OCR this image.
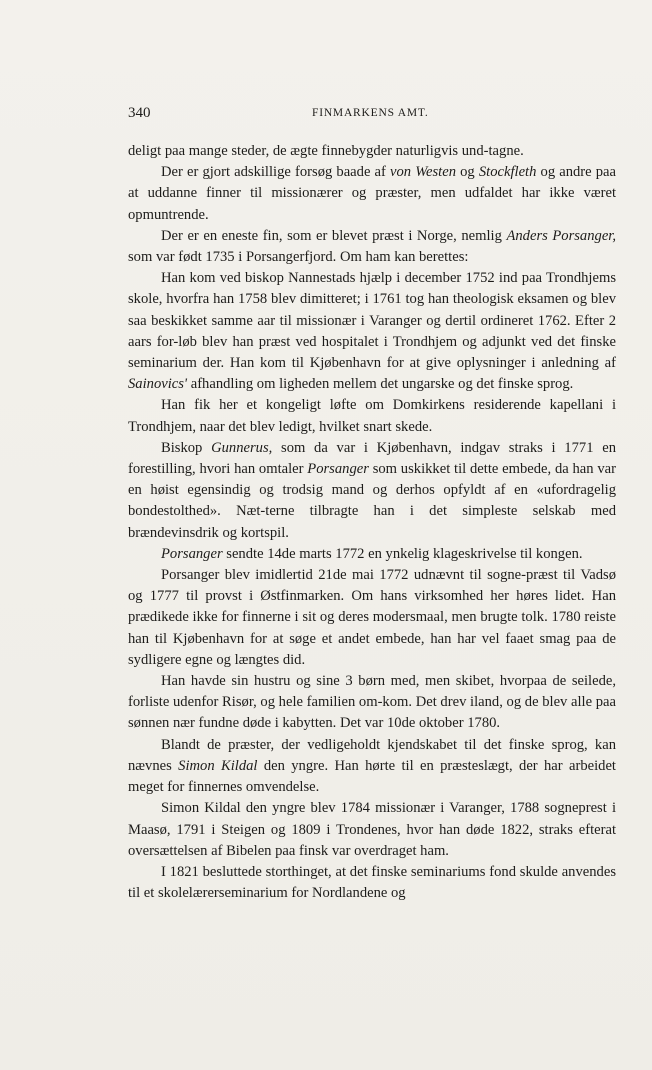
340	FINMARKENS AMT.

deligt paa mange steder, de ægte finnebygder naturligvis und-tagne.

Der er gjort adskillige forsøg baade af von Westen og Stockfleth og andre paa at uddanne finner til missionærer og præster, men udfaldet har ikke været opmuntrende.

Der er en eneste fin, som er blevet præst i Norge, nemlig Anders Porsanger, som var født 1735 i Porsangerfjord. Om ham kan berettes:

Han kom ved biskop Nannestads hjælp i december 1752 ind paa Trondhjems skole, hvorfra han 1758 blev dimitteret; i 1761 tog han theologisk eksamen og blev saa beskikket samme aar til missionær i Varanger og dertil ordineret 1762. Efter 2 aars for-løb blev han præst ved hospitalet i Trondhjem og adjunkt ved det finske seminarium der. Han kom til Kjøbenhavn for at give oplysninger i anledning af Sainovics' afhandling om ligheden mellem det ungarske og det finske sprog.

Han fik her et kongeligt løfte om Domkirkens residerende kapellani i Trondhjem, naar det blev ledigt, hvilket snart skede.

Biskop Gunnerus, som da var i Kjøbenhavn, indgav straks i 1771 en forestilling, hvori han omtaler Porsanger som uskikket til dette embede, da han var en høist egensindig og trodsig mand og derhos opfyldt af en «ufordragelig bondestolthed». Næt-terne tilbragte han i det simpleste selskab med brændevinsdrik og kortspil.

Porsanger sendte 14de marts 1772 en ynkelig klageskrivelse til kongen.

Porsanger blev imidlertid 21de mai 1772 udnævnt til sogne-præst til Vadsø og 1777 til provst i Østfinmarken. Om hans virksomhed her høres lidet. Han prædikede ikke for finnerne i sit og deres modersmaal, men brugte tolk. 1780 reiste han til Kjøbenhavn for at søge et andet embede, han har vel faaet smag paa de sydligere egne og længtes did.

Han havde sin hustru og sine 3 børn med, men skibet, hvorpaa de seilede, forliste udenfor Risør, og hele familien om-kom. Det drev iland, og de blev alle paa sønnen nær fundne døde i kabytten. Det var 10de oktober 1780.

Blandt de præster, der vedligeholdt kjendskabet til det finske sprog, kan nævnes Simon Kildal den yngre. Han hørte til en præsteslægt, der har arbeidet meget for finnernes omvendelse.

Simon Kildal den yngre blev 1784 missionær i Varanger, 1788 sogneprest i Maasø, 1791 i Steigen og 1809 i Trondenes, hvor han døde 1822, straks efterat oversættelsen af Bibelen paa finsk var overdraget ham.

I 1821 besluttede storthinget, at det finske seminariums fond skulde anvendes til et skolelærerseminarium for Nordlandene og
